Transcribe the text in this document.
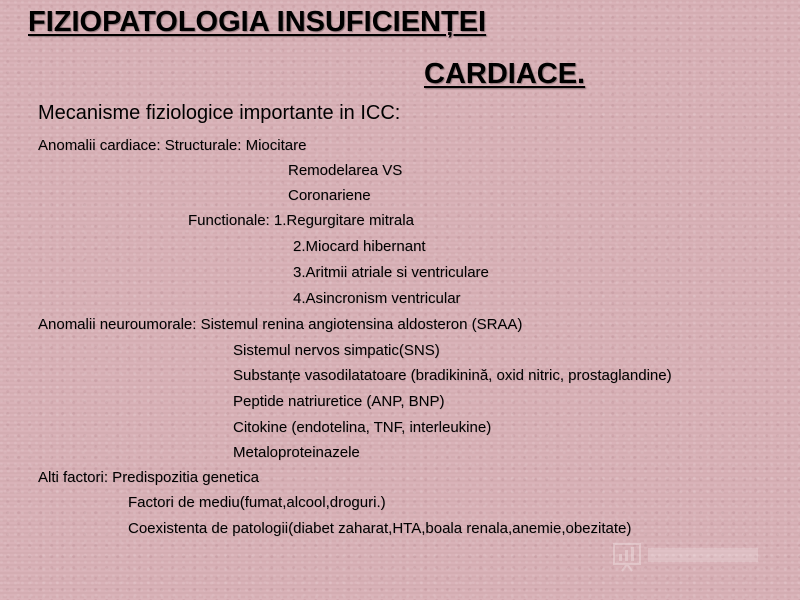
FIZIOPATOLOGIA INSUFICIENȚEI
CARDIACE.
Mecanisme fiziologice importante in ICC:
Anomalii cardiace: Structurale: Miocitare
Remodelarea VS
Coronariene
Functionale: 1.Regurgitare mitrala
2.Miocard hibernant
3.Aritmii atriale si ventriculare
4.Asincronism ventricular
Anomalii neuroumorale: Sistemul renina angiotensina aldosteron (SRAA)
Sistemul nervos simpatic(SNS)
Substanțe vasodilatatoare (bradikinină, oxid nitric, prostaglandine)
Peptide natriuretice (ANP, BNP)
Citokine (endotelina, TNF, interleukine)
Metaloproteinazele
Alti factori: Predispozitia genetica
Factori de mediu(fumat,alcool,droguri.)
Coexistenta de patologii(diabet zaharat,HTA,boala renala,anemie,obezitate)
